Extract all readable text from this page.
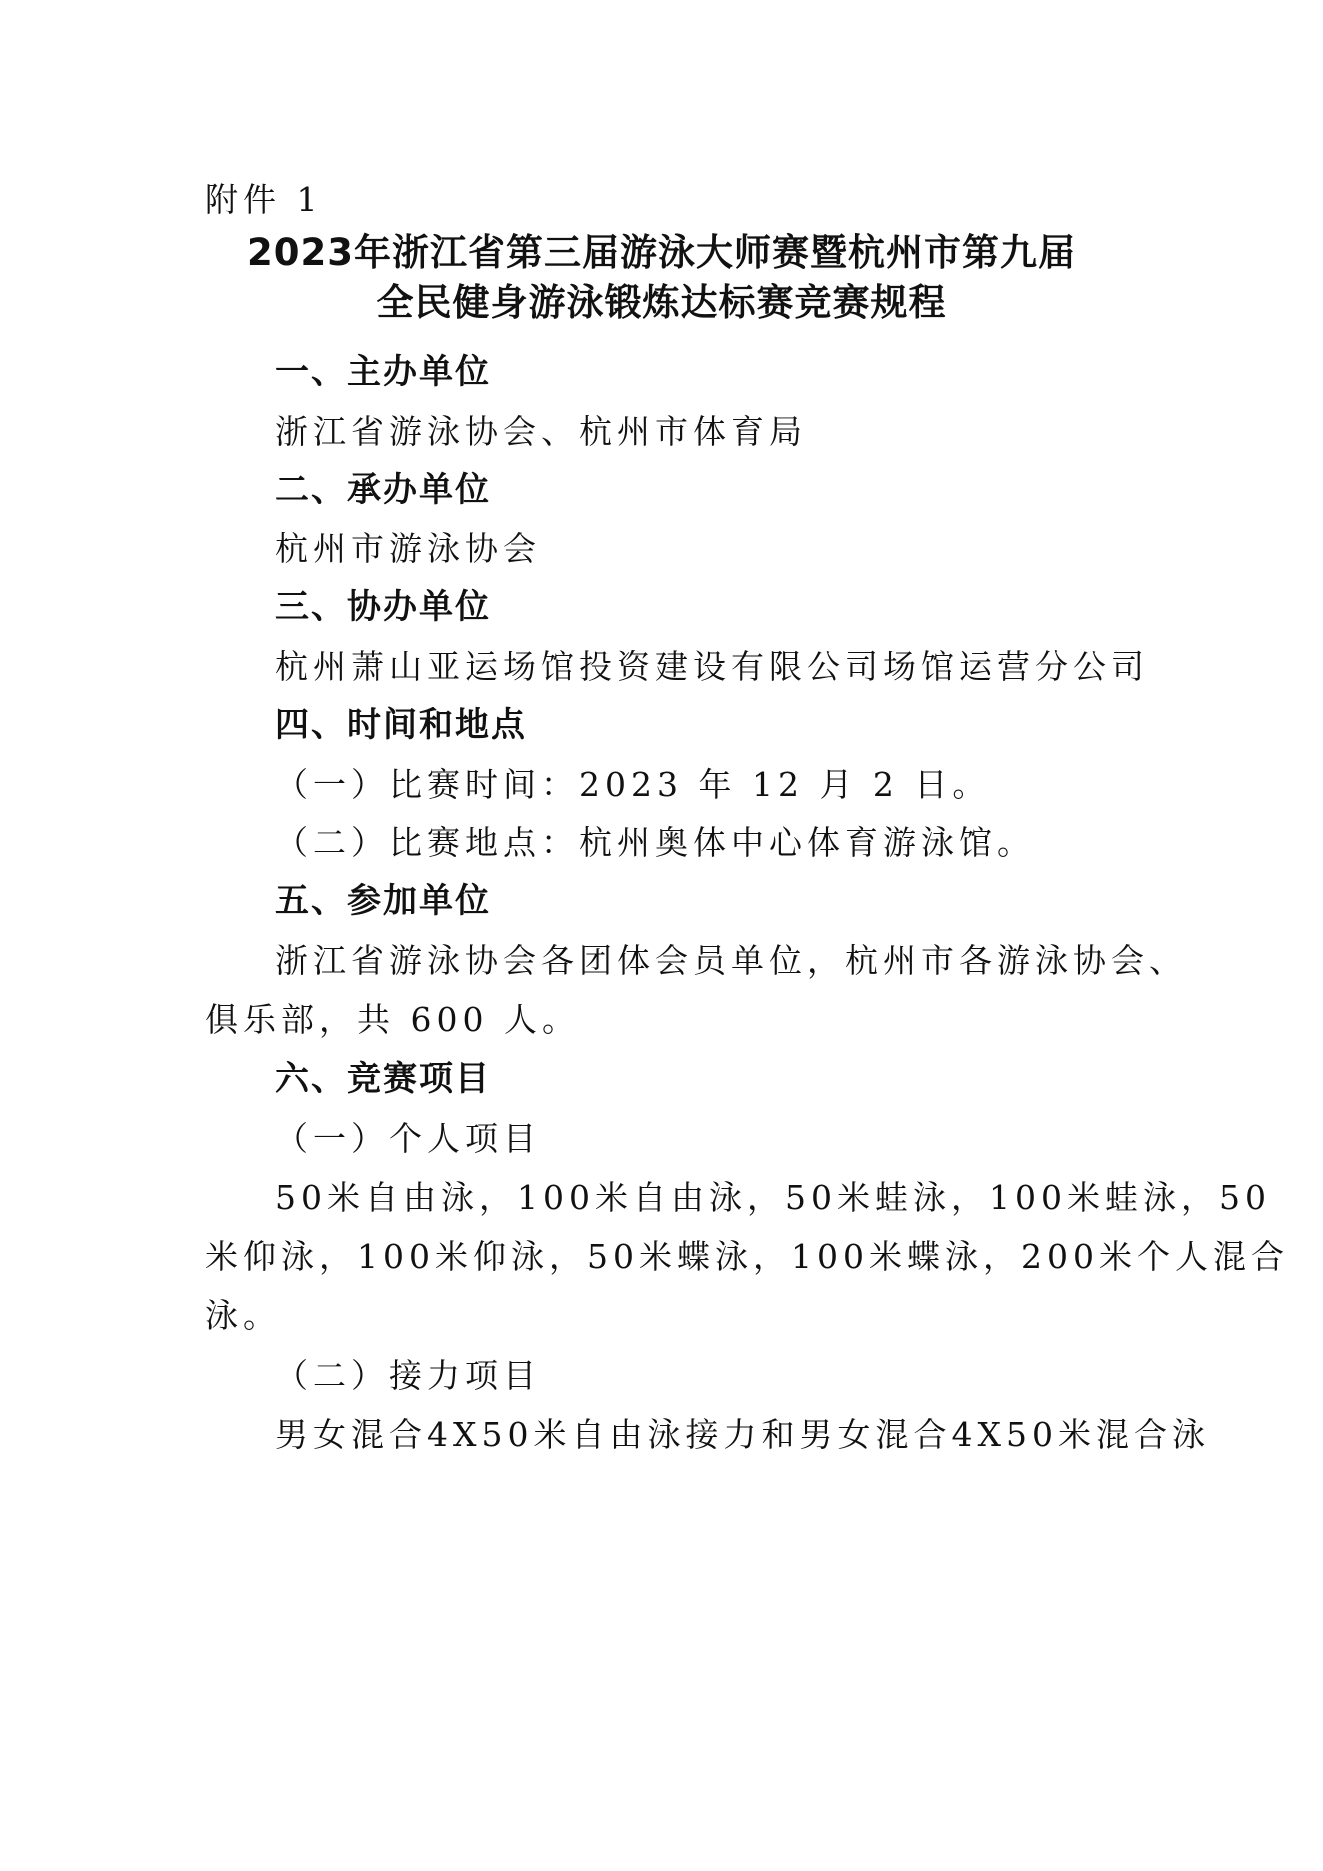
附件 1
2023年浙江省第三届游泳大师赛暨杭州市第九届
全民健身游泳锻炼达标赛竞赛规程
一、主办单位
浙江省游泳协会、杭州市体育局
二、承办单位
杭州市游泳协会
三、协办单位
杭州萧山亚运场馆投资建设有限公司场馆运营分公司
四、时间和地点
（一）比赛时间：2023 年 12 月 2 日。
（二）比赛地点：杭州奥体中心体育游泳馆。
五、参加单位
浙江省游泳协会各团体会员单位，杭州市各游泳协会、
俱乐部，共 600 人。
六、竞赛项目
（一）个人项目
50米自由泳，100米自由泳，50米蛙泳，100米蛙泳，50
米仰泳，100米仰泳，50米蝶泳，100米蝶泳，200米个人混合
泳。
（二）接力项目
男女混合4X50米自由泳接力和男女混合4X50米混合泳
